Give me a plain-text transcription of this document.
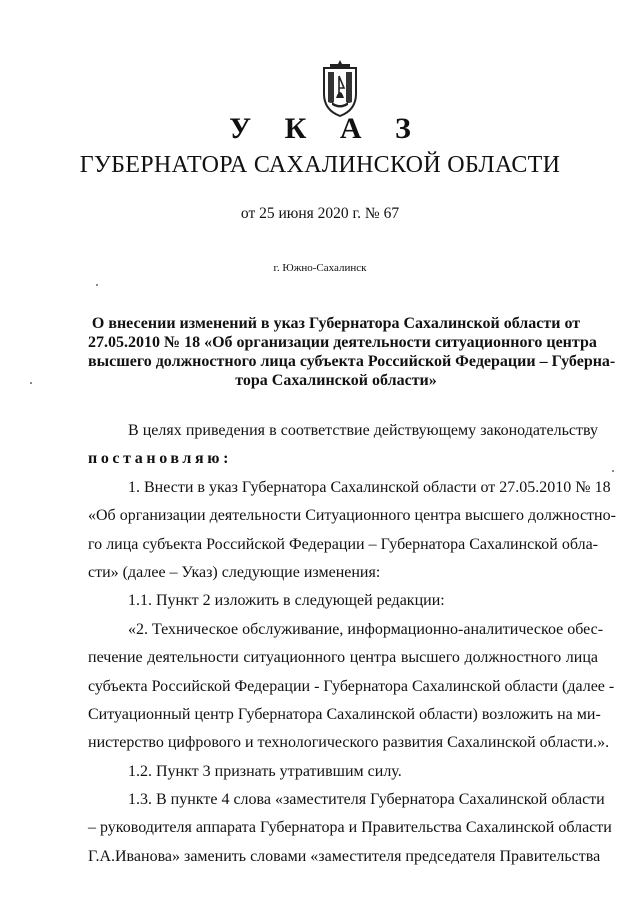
У К А З
ГУБЕРНАТОРА САХАЛИНСКОЙ ОБЛАСТИ
от 25 июня 2020 г. № 67
г. Южно-Сахалинск
О внесении изменений в указ Губернатора Сахалинской области от
27.05.2010 № 18 «Об организации деятельности ситуационного центра
высшего должностного лица субъекта Российской Федерации – Губерна-
тора Сахалинской области»
В целях приведения в соответствие действующему законодательству
постановляю:
1. Внести в указ Губернатора Сахалинской области от 27.05.2010 № 18
«Об организации деятельности Ситуационного центра высшего должностно-
го лица субъекта Российской Федерации – Губернатора Сахалинской обла-
сти» (далее – Указ) следующие изменения:
1.1. Пункт 2 изложить в следующей редакции:
«2. Техническое обслуживание, информационно-аналитическое обес-
печение деятельности ситуационного центра высшего должностного лица
субъекта Российской Федерации - Губернатора Сахалинской области (далее -
Ситуационный центр Губернатора Сахалинской области) возложить на ми-
нистерство цифрового и технологического развития Сахалинской области.».
1.2. Пункт 3 признать утратившим силу.
1.3. В пункте 4 слова «заместителя Губернатора Сахалинской области
– руководителя аппарата Губернатора и Правительства Сахалинской области
Г.А.Иванова» заменить словами «заместителя председателя Правительства
